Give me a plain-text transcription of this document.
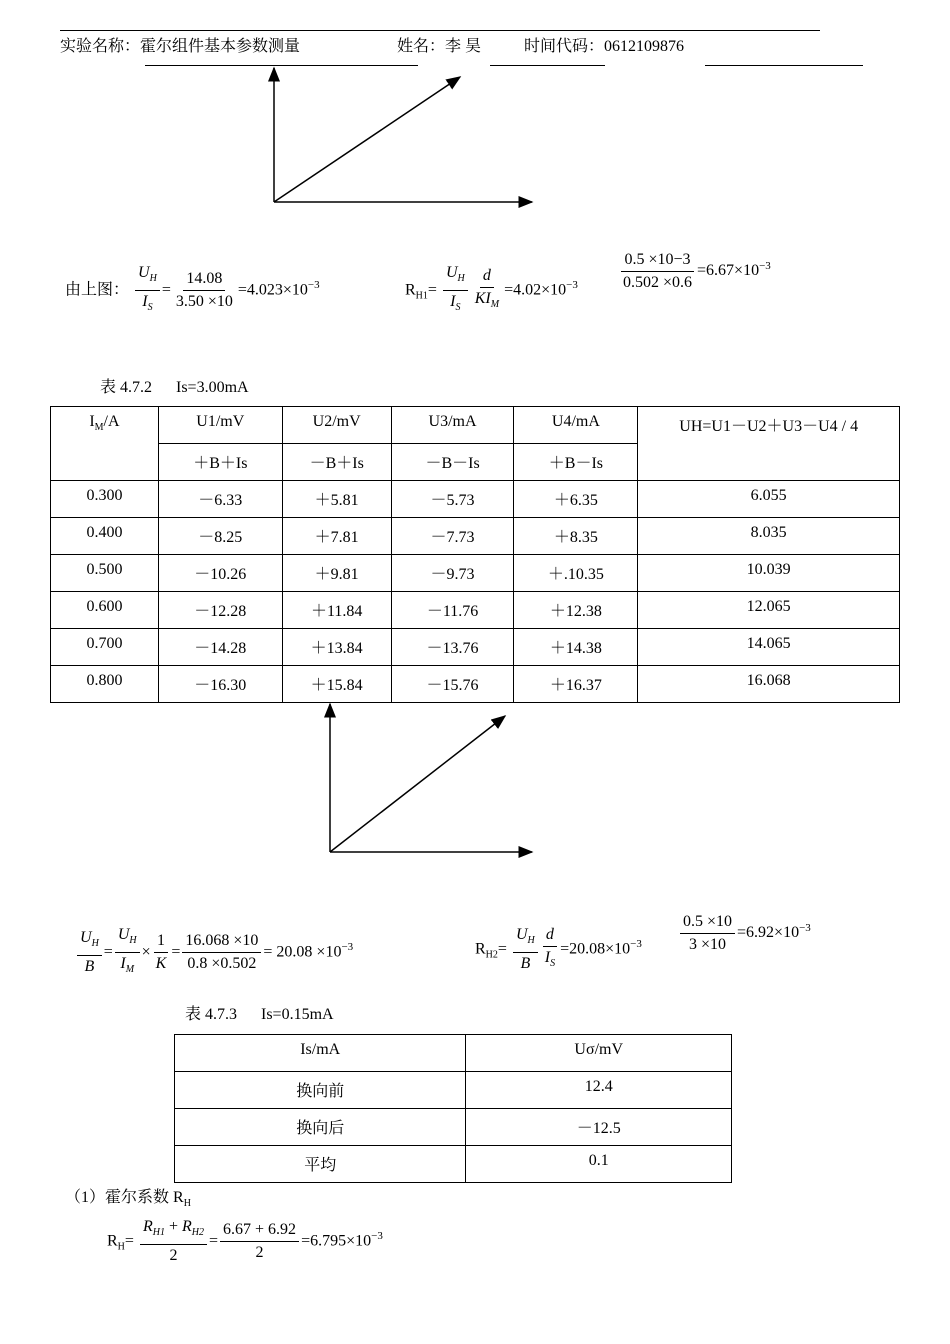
实验名称：霍尔组件基本参数测量	姓名：李 昊	时间代码：0612109876
由上图： $\frac{U_H}{I_S} = \frac{14.08}{3.50 \times 10} =4.023\times 10^{-3}$	$R_{H1}= \frac{U_H}{I_S} \frac{d}{KI_M} =4.02\times 10^{-3}$	$\frac{0.5 \times 10-3}{0.502 \times 0.6} =6.67\times 10^{-3}$
表 4.7.2      Is=3.00mA
$I_M/A$	U1/mV	U2/mV	U3/mA	U4/mA	UH=U1－U2＋U3－U4 / 4
	＋B＋Is	－B＋Is	－B－Is	＋B－Is	
0.300	－6.33	＋5.81	－5.73	＋6.35	6.055
0.400	－8.25	＋7.81	－7.73	＋8.35	8.035
0.500	－10.26	＋9.81	－9.73	＋.10.35	10.039
0.600	－12.28	＋11.84	－11.76	＋12.38	12.065
0.700	－14.28	＋13.84	－13.76	＋14.38	14.065
0.800	－16.30	＋15.84	－15.76	＋16.37	16.068
$\frac{U_H}{B} = \frac{U_H}{I_M} \times \frac{1}{K} = \frac{16.068 \times 10}{0.8 \times 0.502} = 20.08 \times 10^{-3}$	$R_{H2}= \frac{U_H}{B} \frac{d}{I_S} =20.08\times 10^{-3} \frac{0.5 \times 10}{3 \times 10} =6.92\times 10^{-3}$
表 4.7.3      Is=0.15mA
Is/mA	Uσ/mV
换向前	12.4
换向后	－12.5
平均	0.1
（1）霍尔系数 $R_H$
$R_H= \frac{R_{H1} + R_{H2}}{2} = \frac{6.67 + 6.92}{2} =6.795\times 10^{-3}$
